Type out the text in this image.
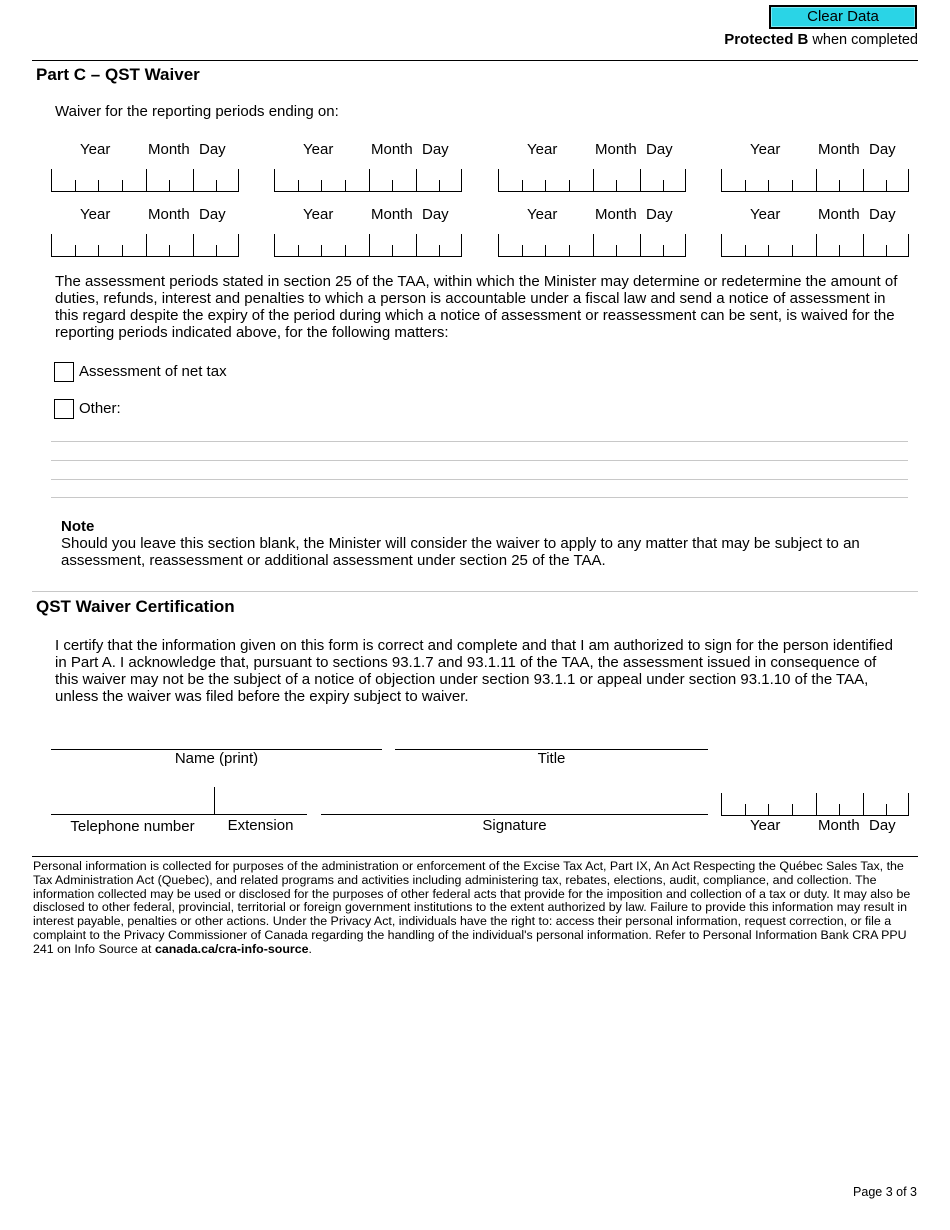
Clear Data
Protected B when completed
Part C – QST Waiver
Waiver for the reporting periods ending on:
Year	Month Day	Year	Month Day	Year	Month Day	Year	Month Day
Year	Month Day	Year	Month Day	Year	Month Day	Year	Month Day
The assessment periods stated in section 25 of the TAA, within which the Minister may determine or redetermine the amount of duties, refunds, interest and penalties to which a person is accountable under a fiscal law and send a notice of assessment in this regard despite the expiry of the period during which a notice of assessment or reassessment can be sent, is waived for the reporting periods indicated above, for the following matters:
Assessment of net tax
Other:
Note
Should you leave this section blank, the Minister will consider the waiver to apply to any matter that may be subject to an assessment, reassessment or additional assessment under section 25 of the TAA.
QST Waiver Certification
I certify that the information given on this form is correct and complete and that I am authorized to sign for the person identified in Part A. I acknowledge that, pursuant to sections 93.1.7 and 93.1.11 of the TAA, the assessment issued in consequence of this waiver may not be the subject of a notice of objection under section 93.1.1 or appeal under section 93.1.10 of the TAA, unless the waiver was filed before the expiry subject to waiver.
Name (print)	Title
Telephone number	Extension	Signature	Year	Month Day
Personal information is collected for purposes of the administration or enforcement of the Excise Tax Act, Part IX, An Act Respecting the Québec Sales Tax, the Tax Administration Act (Quebec), and related programs and activities including administering tax, rebates, elections, audit, compliance, and collection. The information collected may be used or disclosed for the purposes of other federal acts that provide for the imposition and collection of a tax or duty. It may also be disclosed to other federal, provincial, territorial or foreign government institutions to the extent authorized by law. Failure to provide this information may result in interest payable, penalties or other actions. Under the Privacy Act, individuals have the right to: access their personal information, request correction, or file a complaint to the Privacy Commissioner of Canada regarding the handling of the individual's personal information. Refer to Personal Information Bank CRA PPU 241 on Info Source at canada.ca/cra-info-source.
Page 3 of 3
